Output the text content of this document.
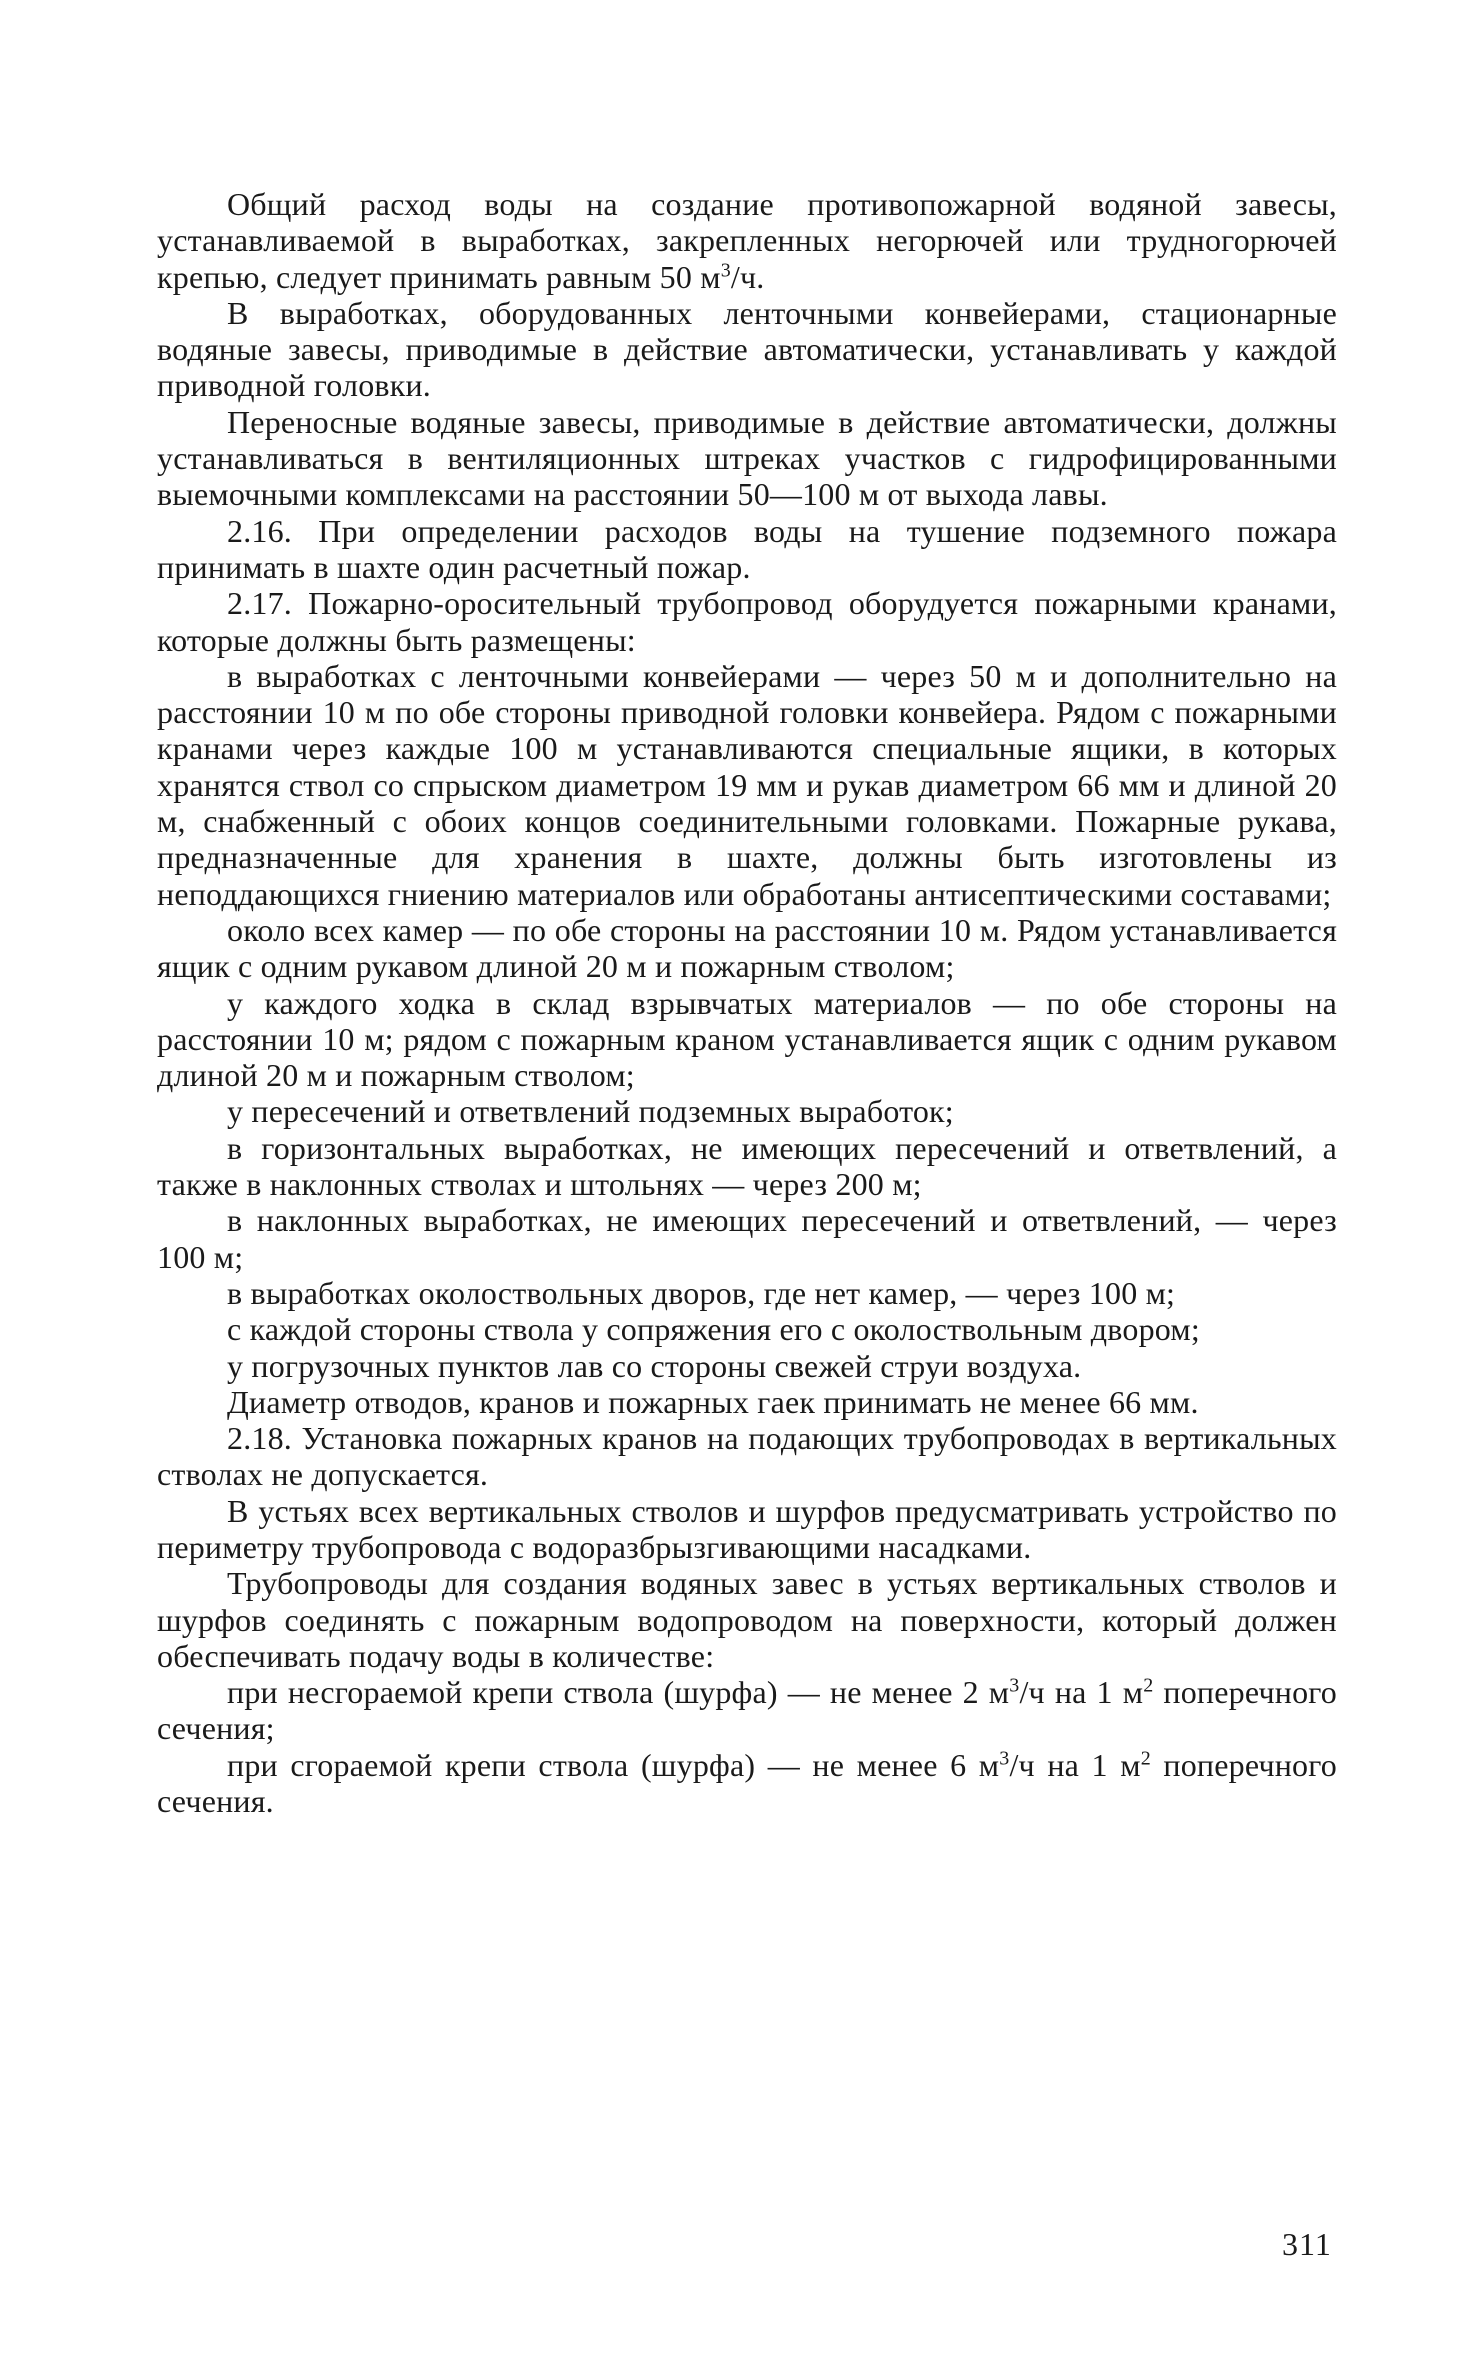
Общий расход воды на создание противопожарной водяной завесы, устанавливаемой в выработках, закрепленных негорючей или трудногорючей крепью, следует принимать равным 50 $м^3/ч$.

В выработках, оборудованных ленточными конвейерами, стационарные водяные завесы, приводимые в действие автоматически, устанавливать у каждой приводной головки.

Переносные водяные завесы, приводимые в действие автоматически, должны устанавливаться в вентиляционных штреках участков с гидрофицированными выемочными комплексами на расстоянии 50—100 м от выхода лавы.

2.16. При определении расходов воды на тушение подземного пожара принимать в шахте один расчетный пожар.

2.17. Пожарно-оросительный трубопровод оборудуется пожарными кранами, которые должны быть размещены:

в выработках с ленточными конвейерами — через 50 м и дополнительно на расстоянии 10 м по обе стороны приводной головки конвейера. Рядом с пожарными кранами через каждые 100 м устанавливаются специальные ящики, в которых хранятся ствол со спрыском диаметром 19 мм и рукав диаметром 66 мм и длиной 20 м, снабженный с обоих концов соединительными головками. Пожарные рукава, предназначенные для хранения в шахте, должны быть изготовлены из неподдающихся гниению материалов или обработаны антисептическими составами;

около всех камер — по обе стороны на расстоянии 10 м. Рядом устанавливается ящик с одним рукавом длиной 20 м и пожарным стволом;

у каждого ходка в склад взрывчатых материалов — по обе стороны на расстоянии 10 м; рядом с пожарным краном устанавливается ящик с одним рукавом длиной 20 м и пожарным стволом;

у пересечений и ответвлений подземных выработок;

в горизонтальных выработках, не имеющих пересечений и ответвлений, а также в наклонных стволах и штольнях — через 200 м;

в наклонных выработках, не имеющих пересечений и ответвлений, — через 100 м;

в выработках околоствольных дворов, где нет камер, — через 100 м;

с каждой стороны ствола у сопряжения его с околоствольным двором;

у погрузочных пунктов лав со стороны свежей струи воздуха.

Диаметр отводов, кранов и пожарных гаек принимать не менее 66 мм.

2.18. Установка пожарных кранов на подающих трубопроводах в вертикальных стволах не допускается.

В устьях всех вертикальных стволов и шурфов предусматривать устройство по периметру трубопровода с водоразбрызгивающими насадками.

Трубопроводы для создания водяных завес в устьях вертикальных стволов и шурфов соединять с пожарным водопроводом на поверхности, который должен обеспечивать подачу воды в количестве:

при несгораемой крепи ствола (шурфа) — не менее 2 $м^3/ч$ на 1 $м^2$ поперечного сечения;

при сгораемой крепи ствола (шурфа) — не менее 6 $м^3/ч$ на 1 $м^2$ поперечного сечения.

311
